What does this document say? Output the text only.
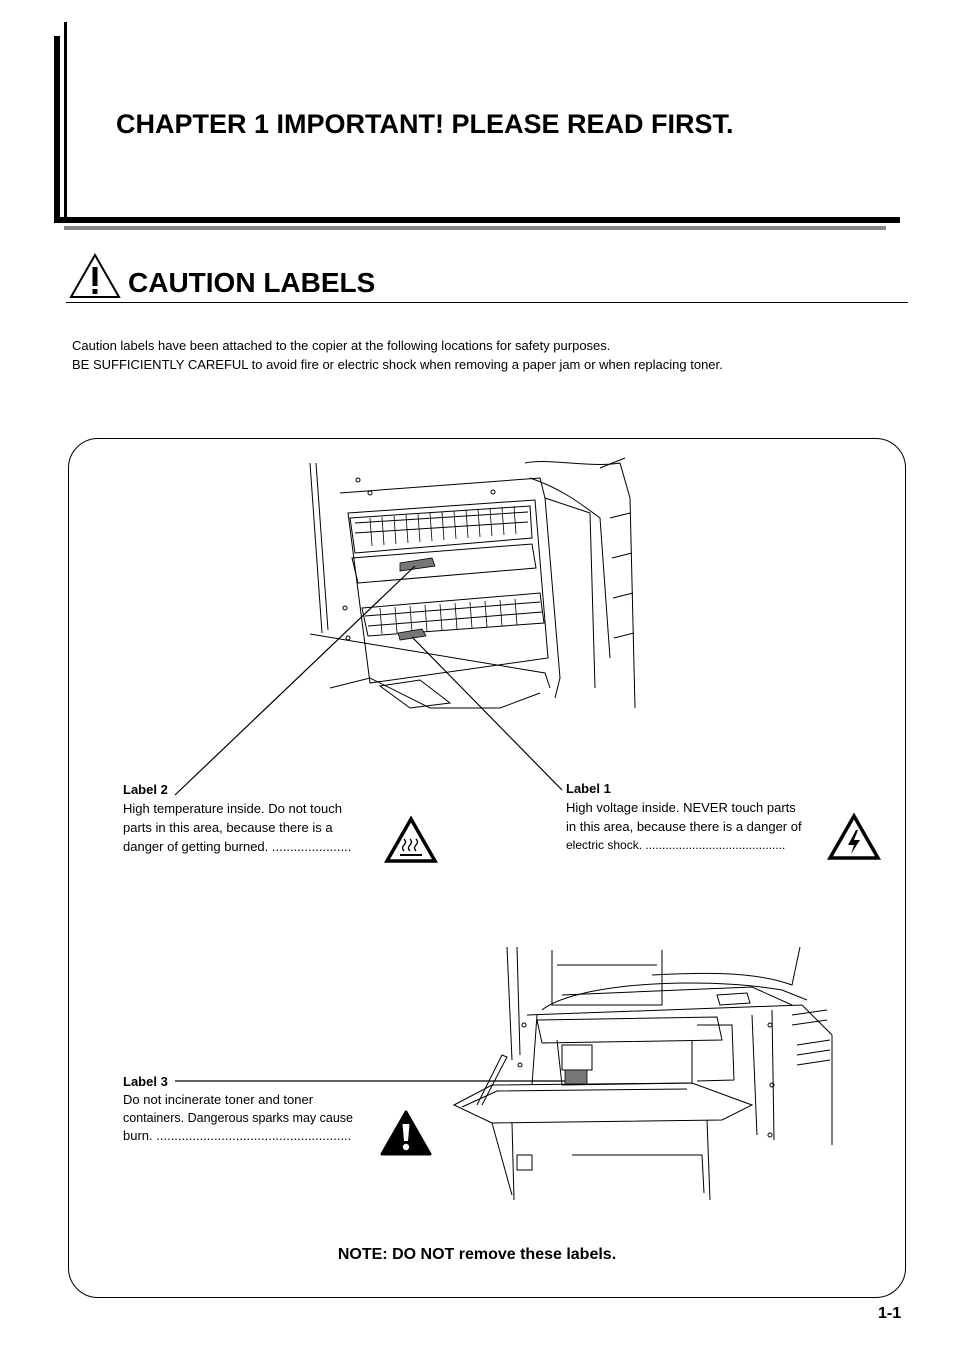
CHAPTER 1 IMPORTANT! PLEASE READ FIRST.
CAUTION LABELS
Caution labels have been attached to the copier at the following locations for safety purposes.
BE SUFFICIENTLY CAREFUL to avoid fire or electric shock when removing a paper jam or when replacing toner.
Label 2
High temperature inside. Do not touch
parts in this area, because there is a
danger of getting burned. ......................
Label 1
High voltage inside. NEVER touch parts
in this area, because there is a danger of
electric shock. ..........................................
Label 3
Do not incinerate toner and toner
containers. Dangerous sparks may cause
burn. ......................................................
NOTE: DO NOT remove these labels.
1-1
